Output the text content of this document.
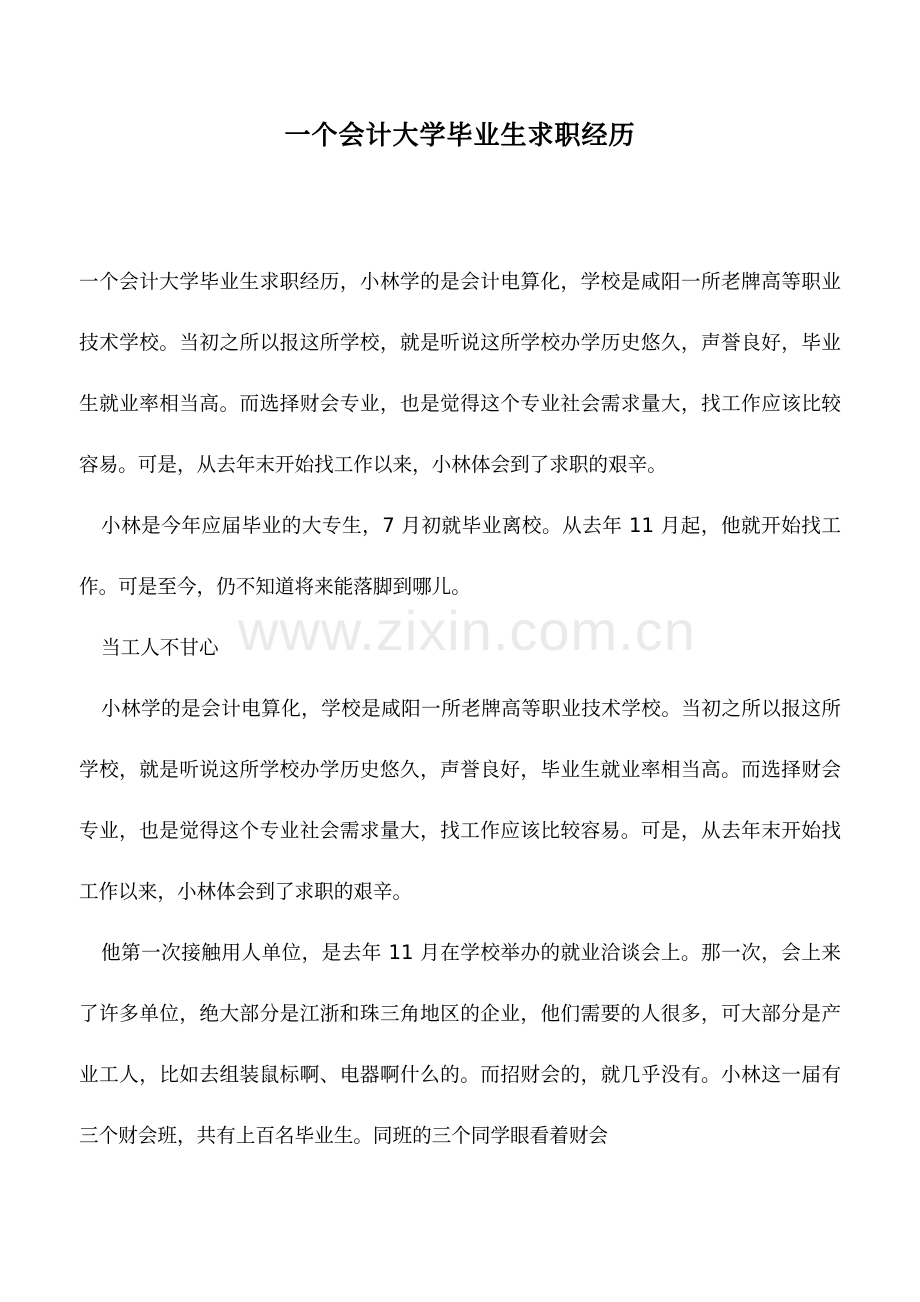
一个会计大学毕业生求职经历

一个会计大学毕业生求职经历，小林学的是会计电算化，学校是咸阳一所老牌高等职业技术学校。当初之所以报这所学校，就是听说这所学校办学历史悠久，声誉良好，毕业生就业率相当高。而选择财会专业，也是觉得这个专业社会需求量大，找工作应该比较容易。可是，从去年末开始找工作以来，小林体会到了求职的艰辛。

小林是今年应届毕业的大专生，7 月初就毕业离校。从去年 11 月起，他就开始找工作。可是至今，仍不知道将来能落脚到哪儿。

当工人不甘心

小林学的是会计电算化，学校是咸阳一所老牌高等职业技术学校。当初之所以报这所学校，就是听说这所学校办学历史悠久，声誉良好，毕业生就业率相当高。而选择财会专业，也是觉得这个专业社会需求量大，找工作应该比较容易。可是，从去年末开始找工作以来，小林体会到了求职的艰辛。

他第一次接触用人单位，是去年 11 月在学校举办的就业洽谈会上。那一次，会上来了许多单位，绝大部分是江浙和珠三角地区的企业，他们需要的人很多，可大部分是产业工人，比如去组装鼠标啊、电器啊什么的。而招财会的，就几乎没有。小林这一届有三个财会班，共有上百名毕业生。同班的三个同学眼看着财会

www.zixin.com.cn
